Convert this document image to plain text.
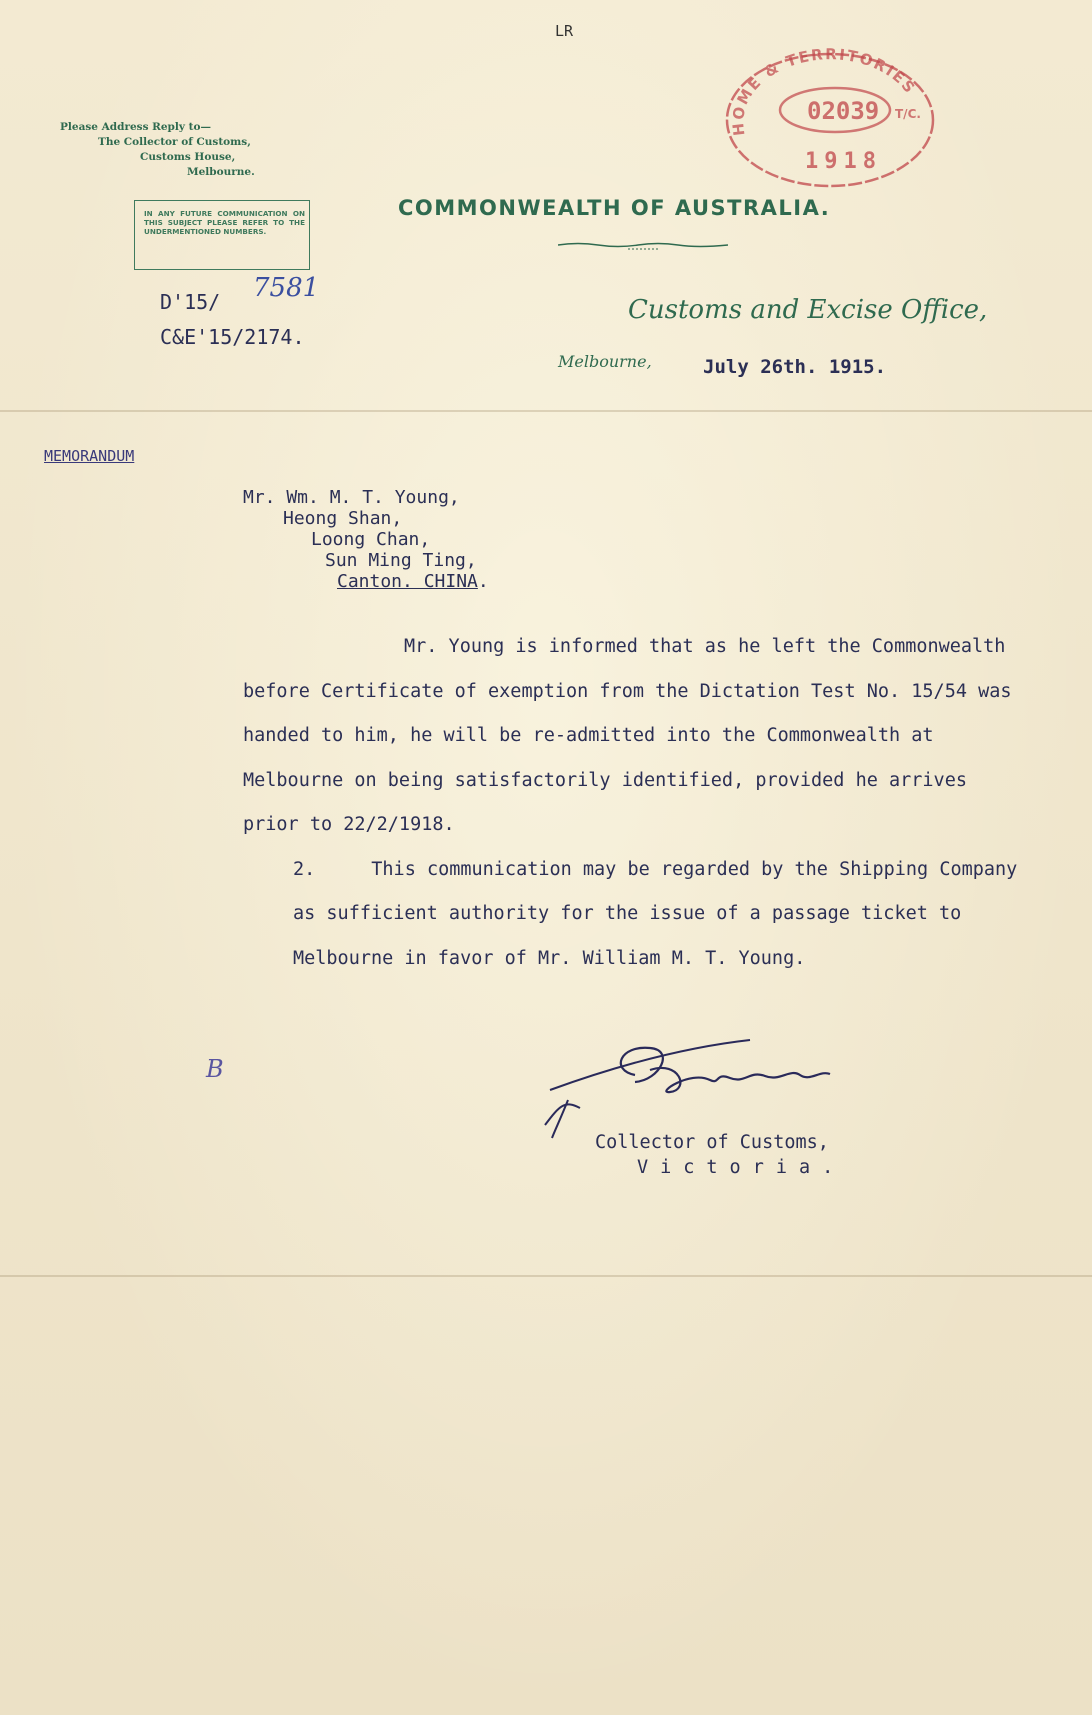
LR
Please Address Reply to—
The Collector of Customs,
Customs House,
Melbourne.
IN ANY FUTURE COMMUNICATION ON THIS SUBJECT PLEASE REFER TO THE UNDERMENTIONED NUMBERS.
D'15/ 7581
C&E'15/2174.
HOME & TERRITORIES
02039
1918
T/C.
COMMONWEALTH OF AUSTRALIA.
Customs and Excise Office,
Melbourne,	July 26th. 1915.
MEMORANDUM
Mr. Wm. M. T. Young,
Heong Shan,
Loong Chan,
Sun Ming Ting,
Canton. CHINA.

Mr. Young is informed that as he left the Commonwealth before Certificate of exemption from the Dictation Test No. 15/54 was handed to him, he will be re-admitted into the Commonwealth at Melbourne on being satisfactorily identified, provided he arrives prior to 22/2/1918.

2.	This communication may be regarded by the Shipping Company as sufficient authority for the issue of a passage ticket to Melbourne in favor of Mr. William M. T. Young.

Collector of Customs,
Victoria.
B
